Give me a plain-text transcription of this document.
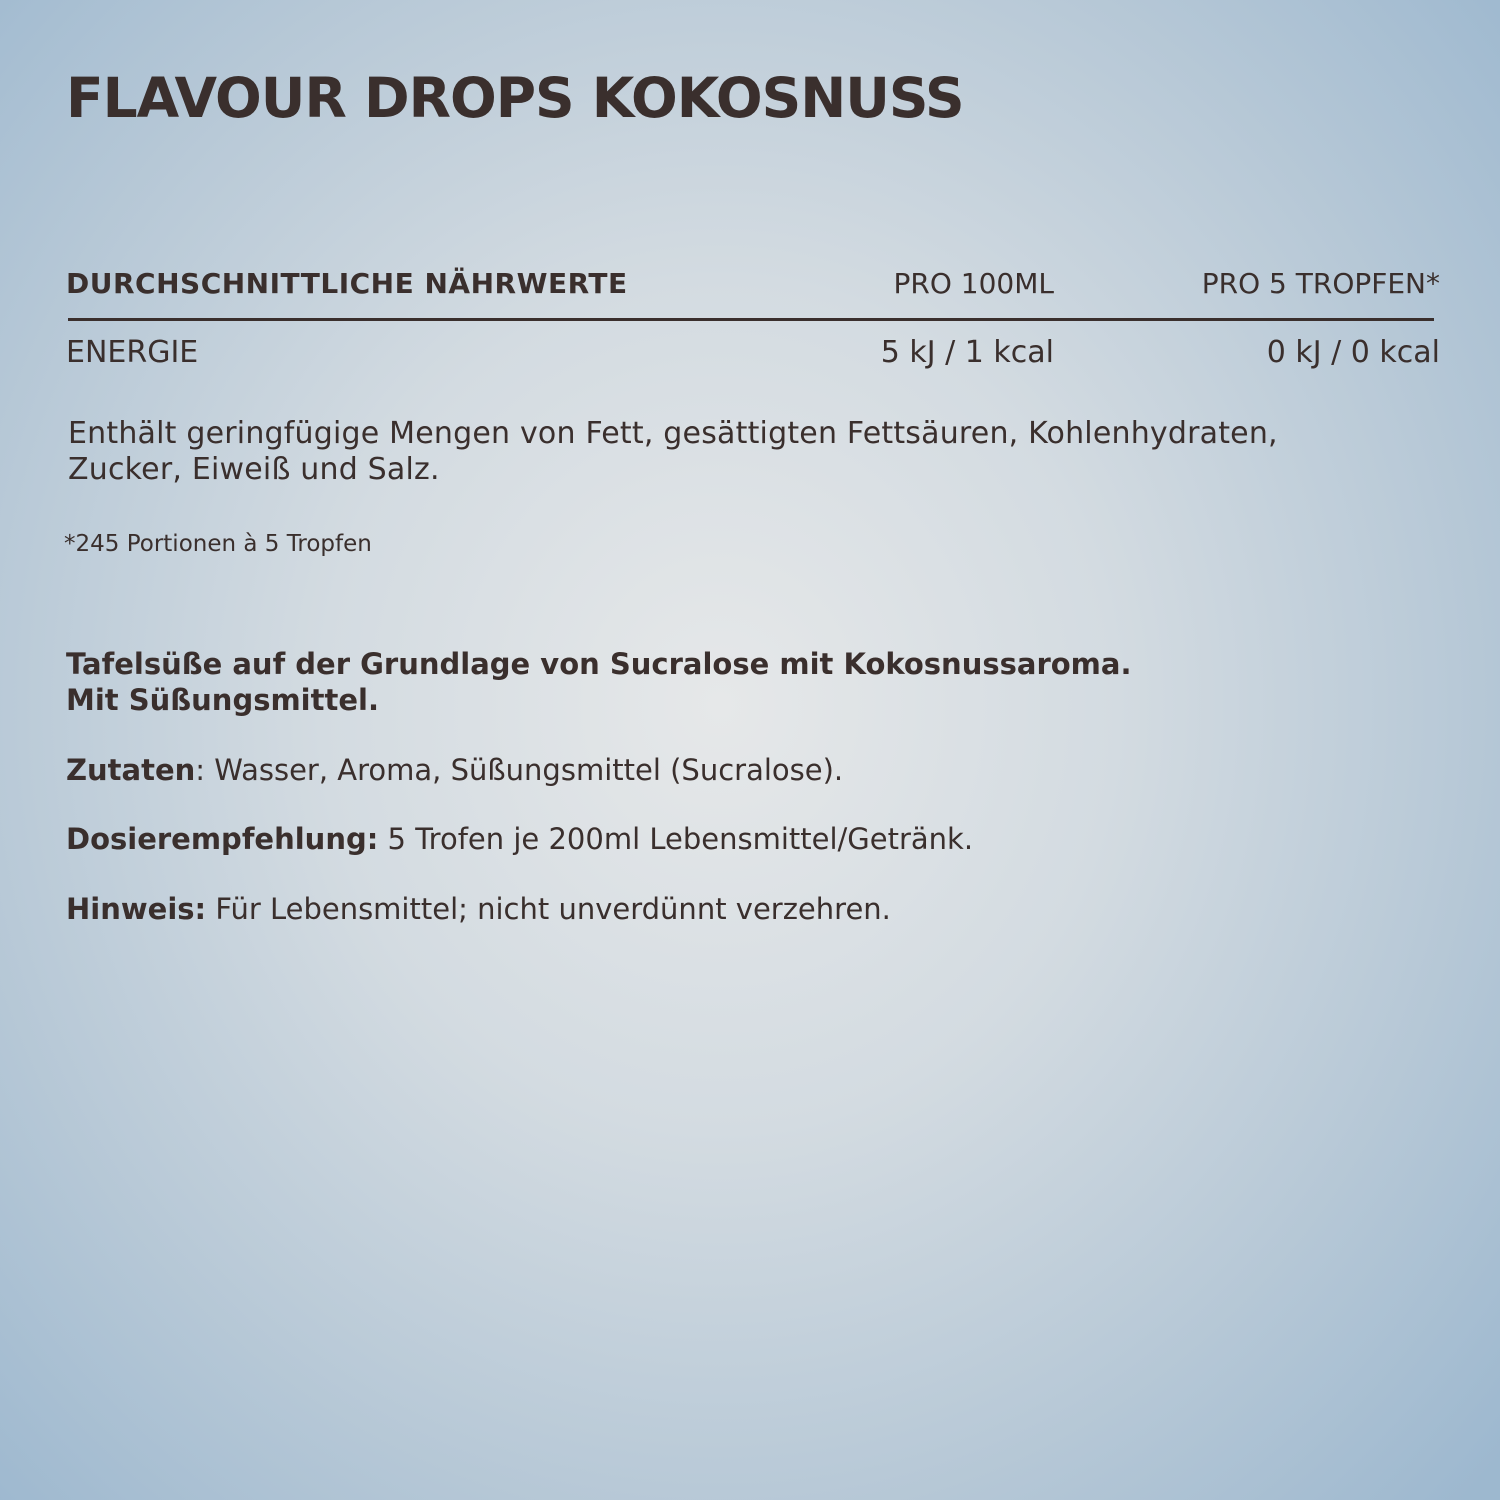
FLAVOUR DROPS KOKOSNUSS
DURCHSCHNITTLICHE NÄHRWERTE	PRO 100ML	PRO 5 TROPFEN*
ENERGIE	5 kJ / 1 kcal	0 kJ / 0 kcal

Enthält geringfügige Mengen von Fett, gesättigten Fettsäuren, Kohlenhydraten, Zucker, Eiweiß und Salz.

*245 Portionen à 5 Tropfen

Tafelsüße auf der Grundlage von Sucralose mit Kokosnussaroma.
Mit Süßungsmittel.

Zutaten: Wasser, Aroma, Süßungsmittel (Sucralose).

Dosierempfehlung: 5 Trofen je 200ml Lebensmittel/Getränk.

Hinweis: Für Lebensmittel; nicht unverdünnt verzehren.
